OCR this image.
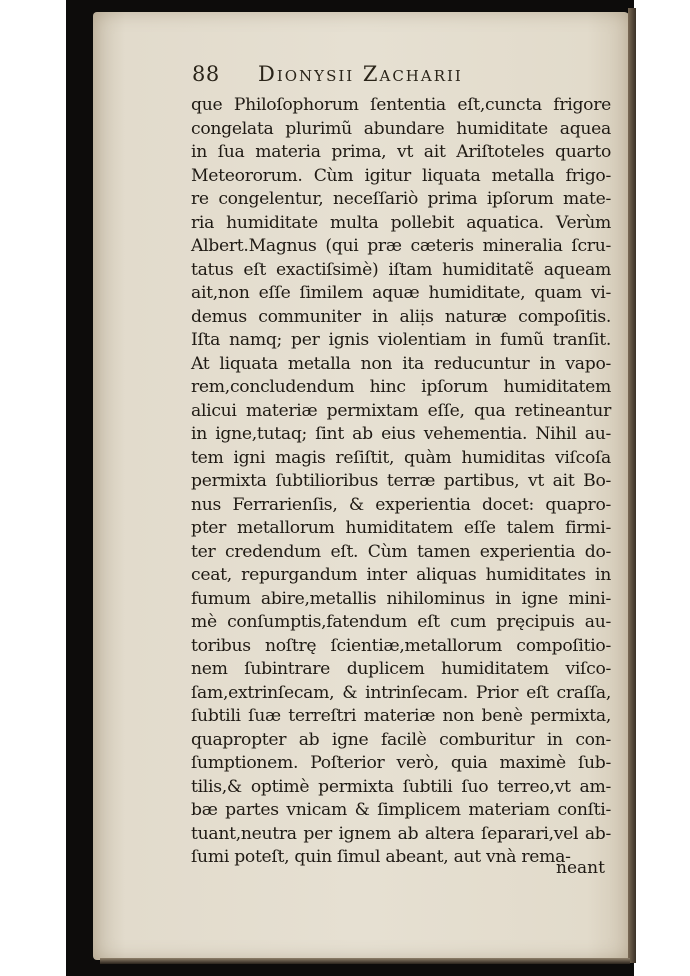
88 Dionysii Zacharii
que Philoſophorum ſententia eſt,cuncta frigore
congelata plurimũ abundare humiditate aquea
in ſua materia prima, vt ait Ariſtoteles quarto
Meteororum. Cùm igitur liquata metalla frigo-
re congelentur, neceſſariò prima ipſorum mate-
ria humiditate multa pollebit aquatica. Verùm
Albert.Magnus (qui præ cæteris mineralia ſcru-
tatus eſt exactiſsimè) iſtam humiditatẽ aqueam
ait,non eſſe ſimilem aquæ humiditate, quam vi-
demus communiter in aliịs naturæ compoſitis.
Iſta namq; per ignis violentiam in fumũ tranſit.
At liquata metalla non ita reducuntur in vapo-
rem,concludendum hinc ipſorum humiditatem
alicui materiæ permixtam eſſe, qua retineantur
in igne,tutaq; ſint ab eius vehementia. Nihil au-
tem igni magis reſiſtit, quàm humiditas viſcoſa
permixta ſubtilioribus terræ partibus, vt ait Bo-
nus Ferrarienſis, & experientia docet: quapro-
pter metallorum humiditatem eſſe talem firmi-
ter credendum eſt. Cùm tamen experientia do-
ceat, repurgandum inter aliquas humiditates in
fumum abire,metallis nihilominus in igne mini-
mè conſumptis,fatendum eſt cum pręcipuis au-
toribus noſtrę ſcientiæ,metallorum compoſitio-
nem ſubintrare duplicem humiditatem viſco-
ſam,extrinſecam, & intrinſecam. Prior eſt craſſa,
ſubtili ſuæ terreſtri materiæ non benè permixta,
quapropter ab igne facilè comburitur in con-
ſumptionem. Poſterior verò, quia maximè ſub-
tilis,& optimè permixta ſubtili ſuo terreo,vt am-
bæ partes vnicam & ſimplicem materiam conſti-
tuant,neutra per ignem ab altera ſeparari,vel ab-
ſumi poteſt, quin ſimul abeant, aut vnà rema-
neant
